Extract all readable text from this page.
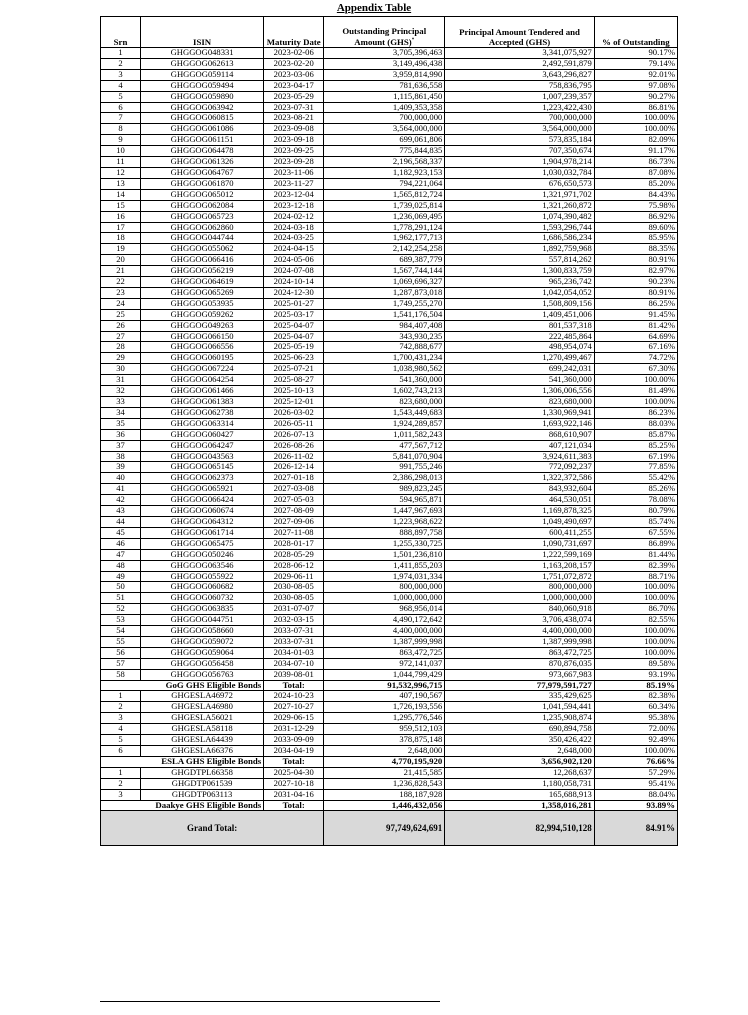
Appendix Table
Srn	ISIN	Maturity Date	Outstanding Principal Amount (GHS)*	Principal Amount Tendered and Accepted (GHS)	% of Outstanding
1	GHGGOG048331	2023-02-06	3,705,396,463	3,341,075,927	90.17%
2	GHGGOG062613	2023-02-20	3,149,496,438	2,492,591,879	79.14%
3	GHGGOG059114	2023-03-06	3,959,814,990	3,643,296,827	92.01%
4	GHGGOG059494	2023-04-17	781,636,558	758,836,795	97.08%
5	GHGGOG059890	2023-05-29	1,115,861,450	1,007,239,357	90.27%
6	GHGGOG063942	2023-07-31	1,409,353,358	1,223,422,430	86.81%
7	GHGGOG060815	2023-08-21	700,000,000	700,000,000	100.00%
8	GHGGOG061086	2023-09-08	3,564,000,000	3,564,000,000	100.00%
9	GHGGOG061151	2023-09-18	699,061,806	573,835,184	82.09%
10	GHGGOG064478	2023-09-25	775,844,835	707,350,674	91.17%
11	GHGGOG061326	2023-09-28	2,196,568,337	1,904,978,214	86.73%
12	GHGGOG064767	2023-11-06	1,182,923,153	1,030,032,784	87.08%
13	GHGGOG061870	2023-11-27	794,221,064	676,650,573	85.20%
14	GHGGOG065012	2023-12-04	1,565,812,724	1,321,971,702	84.43%
15	GHGGOG062084	2023-12-18	1,739,025,814	1,321,260,872	75.98%
16	GHGGOG065723	2024-02-12	1,236,069,495	1,074,390,482	86.92%
17	GHGGOG062860	2024-03-18	1,778,291,124	1,593,296,744	89.60%
18	GHGGOG044744	2024-03-25	1,962,177,713	1,686,586,234	85.95%
19	GHGGOG055062	2024-04-15	2,142,254,258	1,892,759,968	88.35%
20	GHGGOG066416	2024-05-06	689,387,779	557,814,262	80.91%
21	GHGGOG056219	2024-07-08	1,567,744,144	1,300,833,759	82.97%
22	GHGGOG064619	2024-10-14	1,069,696,327	965,236,742	90.23%
23	GHGGOG065269	2024-12-30	1,287,873,018	1,042,054,052	80.91%
24	GHGGOG053935	2025-01-27	1,749,255,270	1,508,809,156	86.25%
25	GHGGOG059262	2025-03-17	1,541,176,504	1,409,451,006	91.45%
26	GHGGOG049263	2025-04-07	984,407,408	801,537,318	81.42%
27	GHGGOG066150	2025-04-07	343,930,235	222,485,864	64.69%
28	GHGGOG066556	2025-05-19	742,888,677	498,954,074	67.16%
29	GHGGOG060195	2025-06-23	1,700,431,234	1,270,499,467	74.72%
30	GHGGOG067224	2025-07-21	1,038,980,562	699,242,031	67.30%
31	GHGGOG064254	2025-08-27	541,360,000	541,360,000	100.00%
32	GHGGOG061466	2025-10-13	1,602,743,213	1,306,006,556	81.49%
33	GHGGOG061383	2025-12-01	823,680,000	823,680,000	100.00%
34	GHGGOG062738	2026-03-02	1,543,449,683	1,330,969,941	86.23%
35	GHGGOG063314	2026-05-11	1,924,289,857	1,693,922,146	88.03%
36	GHGGOG060427	2026-07-13	1,011,582,243	868,610,907	85.87%
37	GHGGOG064247	2026-08-26	477,567,712	407,121,034	85.25%
38	GHGGOG043563	2026-11-02	5,841,070,904	3,924,611,383	67.19%
39	GHGGOG065145	2026-12-14	991,755,246	772,092,237	77.85%
40	GHGGOG062373	2027-01-18	2,386,298,013	1,322,372,586	55.42%
41	GHGGOG065921	2027-03-08	989,823,245	843,932,604	85.26%
42	GHGGOG066424	2027-05-03	594,965,871	464,530,051	78.08%
43	GHGGOG060674	2027-08-09	1,447,967,693	1,169,878,325	80.79%
44	GHGGOG064312	2027-09-06	1,223,968,622	1,049,490,697	85.74%
45	GHGGOG061714	2027-11-08	888,897,758	600,411,255	67.55%
46	GHGGOG065475	2028-01-17	1,255,330,725	1,090,731,697	86.89%
47	GHGGOG050246	2028-05-29	1,501,236,810	1,222,599,169	81.44%
48	GHGGOG063546	2028-06-12	1,411,855,203	1,163,208,157	82.39%
49	GHGGOG055922	2029-06-11	1,974,031,334	1,751,072,872	88.71%
50	GHGGOG060682	2030-08-05	800,000,000	800,000,000	100.00%
51	GHGGOG060732	2030-08-05	1,000,000,000	1,000,000,000	100.00%
52	GHGGOG063835	2031-07-07	968,956,014	840,060,918	86.70%
53	GHGGOG044751	2032-03-15	4,490,172,642	3,706,438,074	82.55%
54	GHGGOG058660	2033-07-31	4,400,000,000	4,400,000,000	100.00%
55	GHGGOG059072	2033-07-31	1,387,999,998	1,387,999,998	100.00%
56	GHGGOG059064	2034-01-03	863,472,725	863,472,725	100.00%
57	GHGGOG056458	2034-07-10	972,141,037	870,876,035	89.58%
58	GHGGOG056763	2039-08-01	1,044,799,429	973,667,983	93.19%
GoG GHS Eligible Bonds		Total:	91,532,996,715	77,979,591,727	85.19%
1	GHGESLA46972	2024-10-23	407,190,567	335,429,625	82.38%
2	GHGESLA46980	2027-10-27	1,726,193,556	1,041,594,441	60.34%
3	GHGESLA56021	2029-06-15	1,295,776,546	1,235,908,874	95.38%
4	GHGESLA58118	2031-12-29	959,512,103	690,894,758	72.00%
5	GHGESLA64439	2033-09-09	378,875,148	350,426,422	92.49%
6	GHGESLA66376	2034-04-19	2,648,000	2,648,000	100.00%
ESLA GHS Eligible Bonds		Total:	4,770,195,920	3,656,902,120	76.66%
1	GHGDTPL66358	2025-04-30	21,415,585	12,268,637	57.29%
2	GHGDTP061539	2027-10-18	1,236,828,543	1,180,058,731	95.41%
3	GHGDTP063113	2031-04-16	188,187,928	165,688,913	88.04%
Daakye GHS Eligible Bonds		Total:	1,446,432,056	1,358,016,281	93.89%
Grand Total:			97,749,624,691	82,994,510,128	84.91%
